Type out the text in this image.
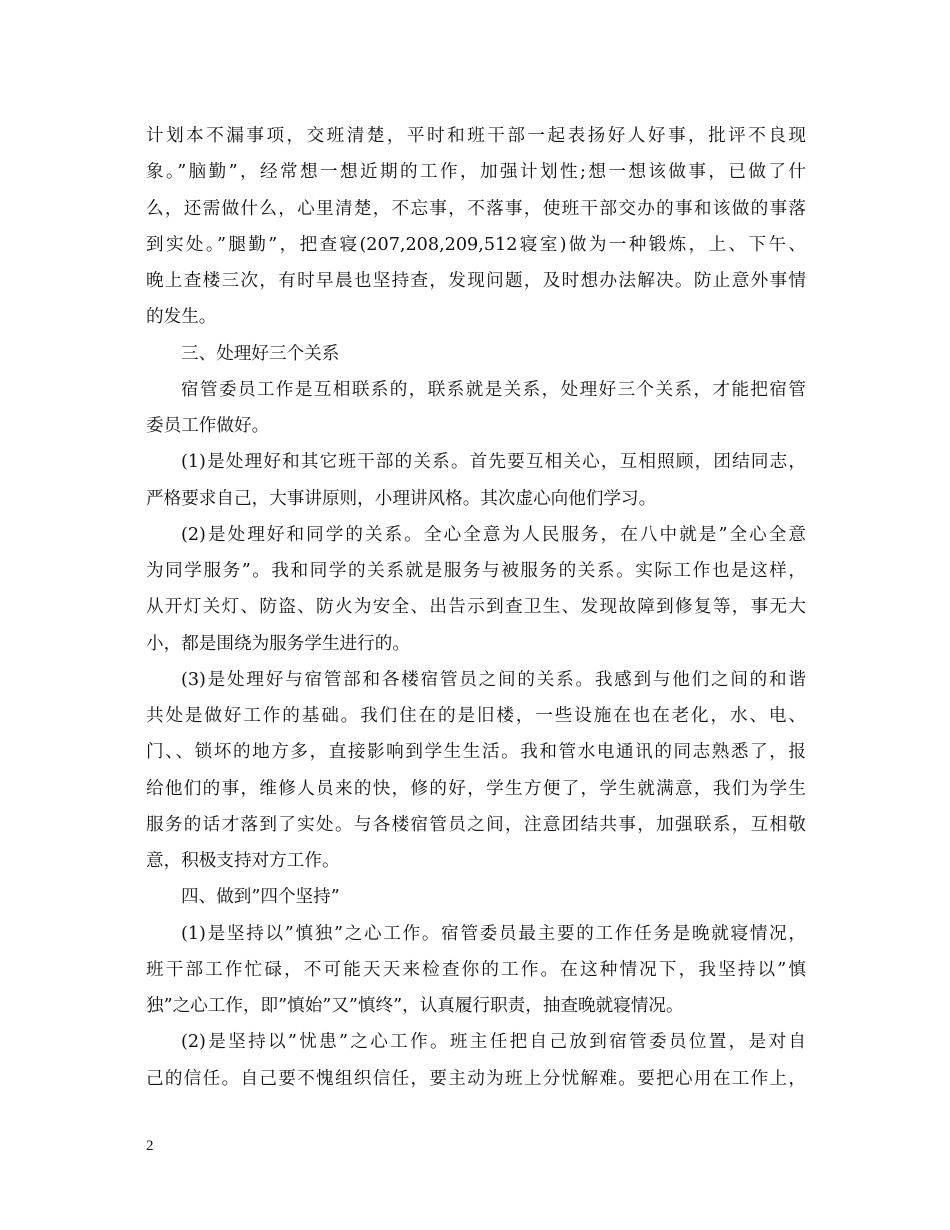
计划本不漏事项，交班清楚，平时和班干部一起表扬好人好事，批评不良现
象。”脑勤”，经常想一想近期的工作，加强计划性;想一想该做事，已做了什
么，还需做什么，心里清楚，不忘事，不落事，使班干部交办的事和该做的事落
到实处。”腿勤”，把查寝(207,208,209,512寝室)做为一种锻炼，上、下午、
晚上查楼三次，有时早晨也坚持查，发现问题，及时想办法解决。防止意外事情
的发生。
三、处理好三个关系
宿管委员工作是互相联系的，联系就是关系，处理好三个关系，才能把宿管
委员工作做好。
(1)是处理好和其它班干部的关系。首先要互相关心，互相照顾，团结同志，
严格要求自己，大事讲原则，小理讲风格。其次虚心向他们学习。
(2)是处理好和同学的关系。全心全意为人民服务，在八中就是”全心全意
为同学服务”。我和同学的关系就是服务与被服务的关系。实际工作也是这样，
从开灯关灯、防盗、防火为安全、出告示到查卫生、发现故障到修复等，事无大
小，都是围绕为服务学生进行的。
(3)是处理好与宿管部和各楼宿管员之间的关系。我感到与他们之间的和谐
共处是做好工作的基础。我们住在的是旧楼，一些设施在也在老化，水、电、
门、、锁坏的地方多，直接影响到学生生活。我和管水电通讯的同志熟悉了，报
给他们的事，维修人员来的快，修的好，学生方便了，学生就满意，我们为学生
服务的话才落到了实处。与各楼宿管员之间，注意团结共事，加强联系，互相敬
意，积极支持对方工作。
四、做到”四个坚持”
(1)是坚持以”慎独”之心工作。宿管委员最主要的工作任务是晚就寝情况，
班干部工作忙碌，不可能天天来检查你的工作。在这种情况下，我坚持以”慎
独”之心工作，即”慎始”又”慎终”，认真履行职责，抽查晚就寝情况。
(2)是坚持以”忧患”之心工作。班主任把自己放到宿管委员位置，是对自
己的信任。自己要不愧组织信任，要主动为班上分忧解难。要把心用在工作上，
2
